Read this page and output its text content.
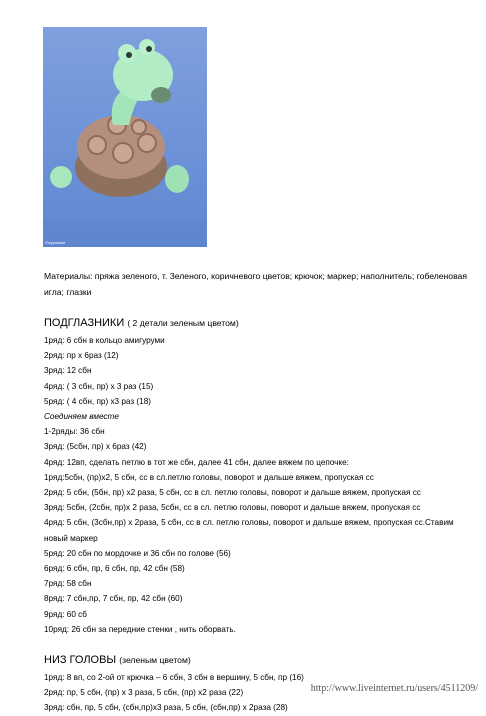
©мурзилки

Материалы: пряжа зеленого, т. Зеленого, коричневого цветов; крючок; маркер; наполнитель; гобеленовая игла; глазки

ПОДГЛАЗНИКИ ( 2 детали зеленым цветом)
1ряд: 6 сбн в кольцо амигуруми
2ряд: пр х 6раз (12)
3ряд: 12 сбн
4ряд: ( 3 сбн, пр) х 3 раз (15)
5ряд: ( 4 сбн, пр) х3 раз (18)
Соединяем вместе
1-2ряды: 36 сбн
3ряд: (5сбн, пр) х 6раз (42)
4ряд: 12вп, сделать петлю в тот же сбн, далее 41 сбн, далее вяжем по цепочке:
1ряд:5сбн, (пр)х2, 5 сбн, сс в сл.петлю головы, поворот и дальше вяжем, пропуская сс
2ряд: 5 сбн, (5бн, пр) х2 раза, 5 сбн, сс в сл. петлю головы, поворот и дальше вяжем, пропуская сс
3ряд: 5сбн, (2сбн, пр)х 2 раза, 5сбн, сс в сл. петлю головы, поворот и дальше вяжем, пропуская сс
4ряд: 5 сбн, (3сбн,пр) х 2раза, 5 сбн, сс в сл. петлю головы, поворот и дальше вяжем, пропуская сс.Ставим новый маркер
5ряд: 20 сбн по мордочке и 36 сбн по голове (56)
6ряд: 6 сбн, пр, 6 сбн, пр, 42 сбн (58)
7ряд: 58 сбн
8ряд: 7 сбн,пр, 7 сбн, пр, 42 сбн (60)
9ряд: 60 сб
10ряд: 26 сбн за передние стенки , нить оборвать.
НИЗ ГОЛОВЫ (зеленым цветом)
1ряд: 8 вп, со 2-ой от крючка – 6 сбн, 3 сбн в вершину, 5 сбн, пр (16)
2ряд: пр, 5 сбн, (пр) х 3 раза, 5 сбн, (пр) х2 раза (22)
3ряд: сбн, пр, 5 сбн, (сбн,пр)х3 раза, 5 сбн, (сбн,пр) х 2раза (28)
http://www.liveinternet.ru/users/4511209/
